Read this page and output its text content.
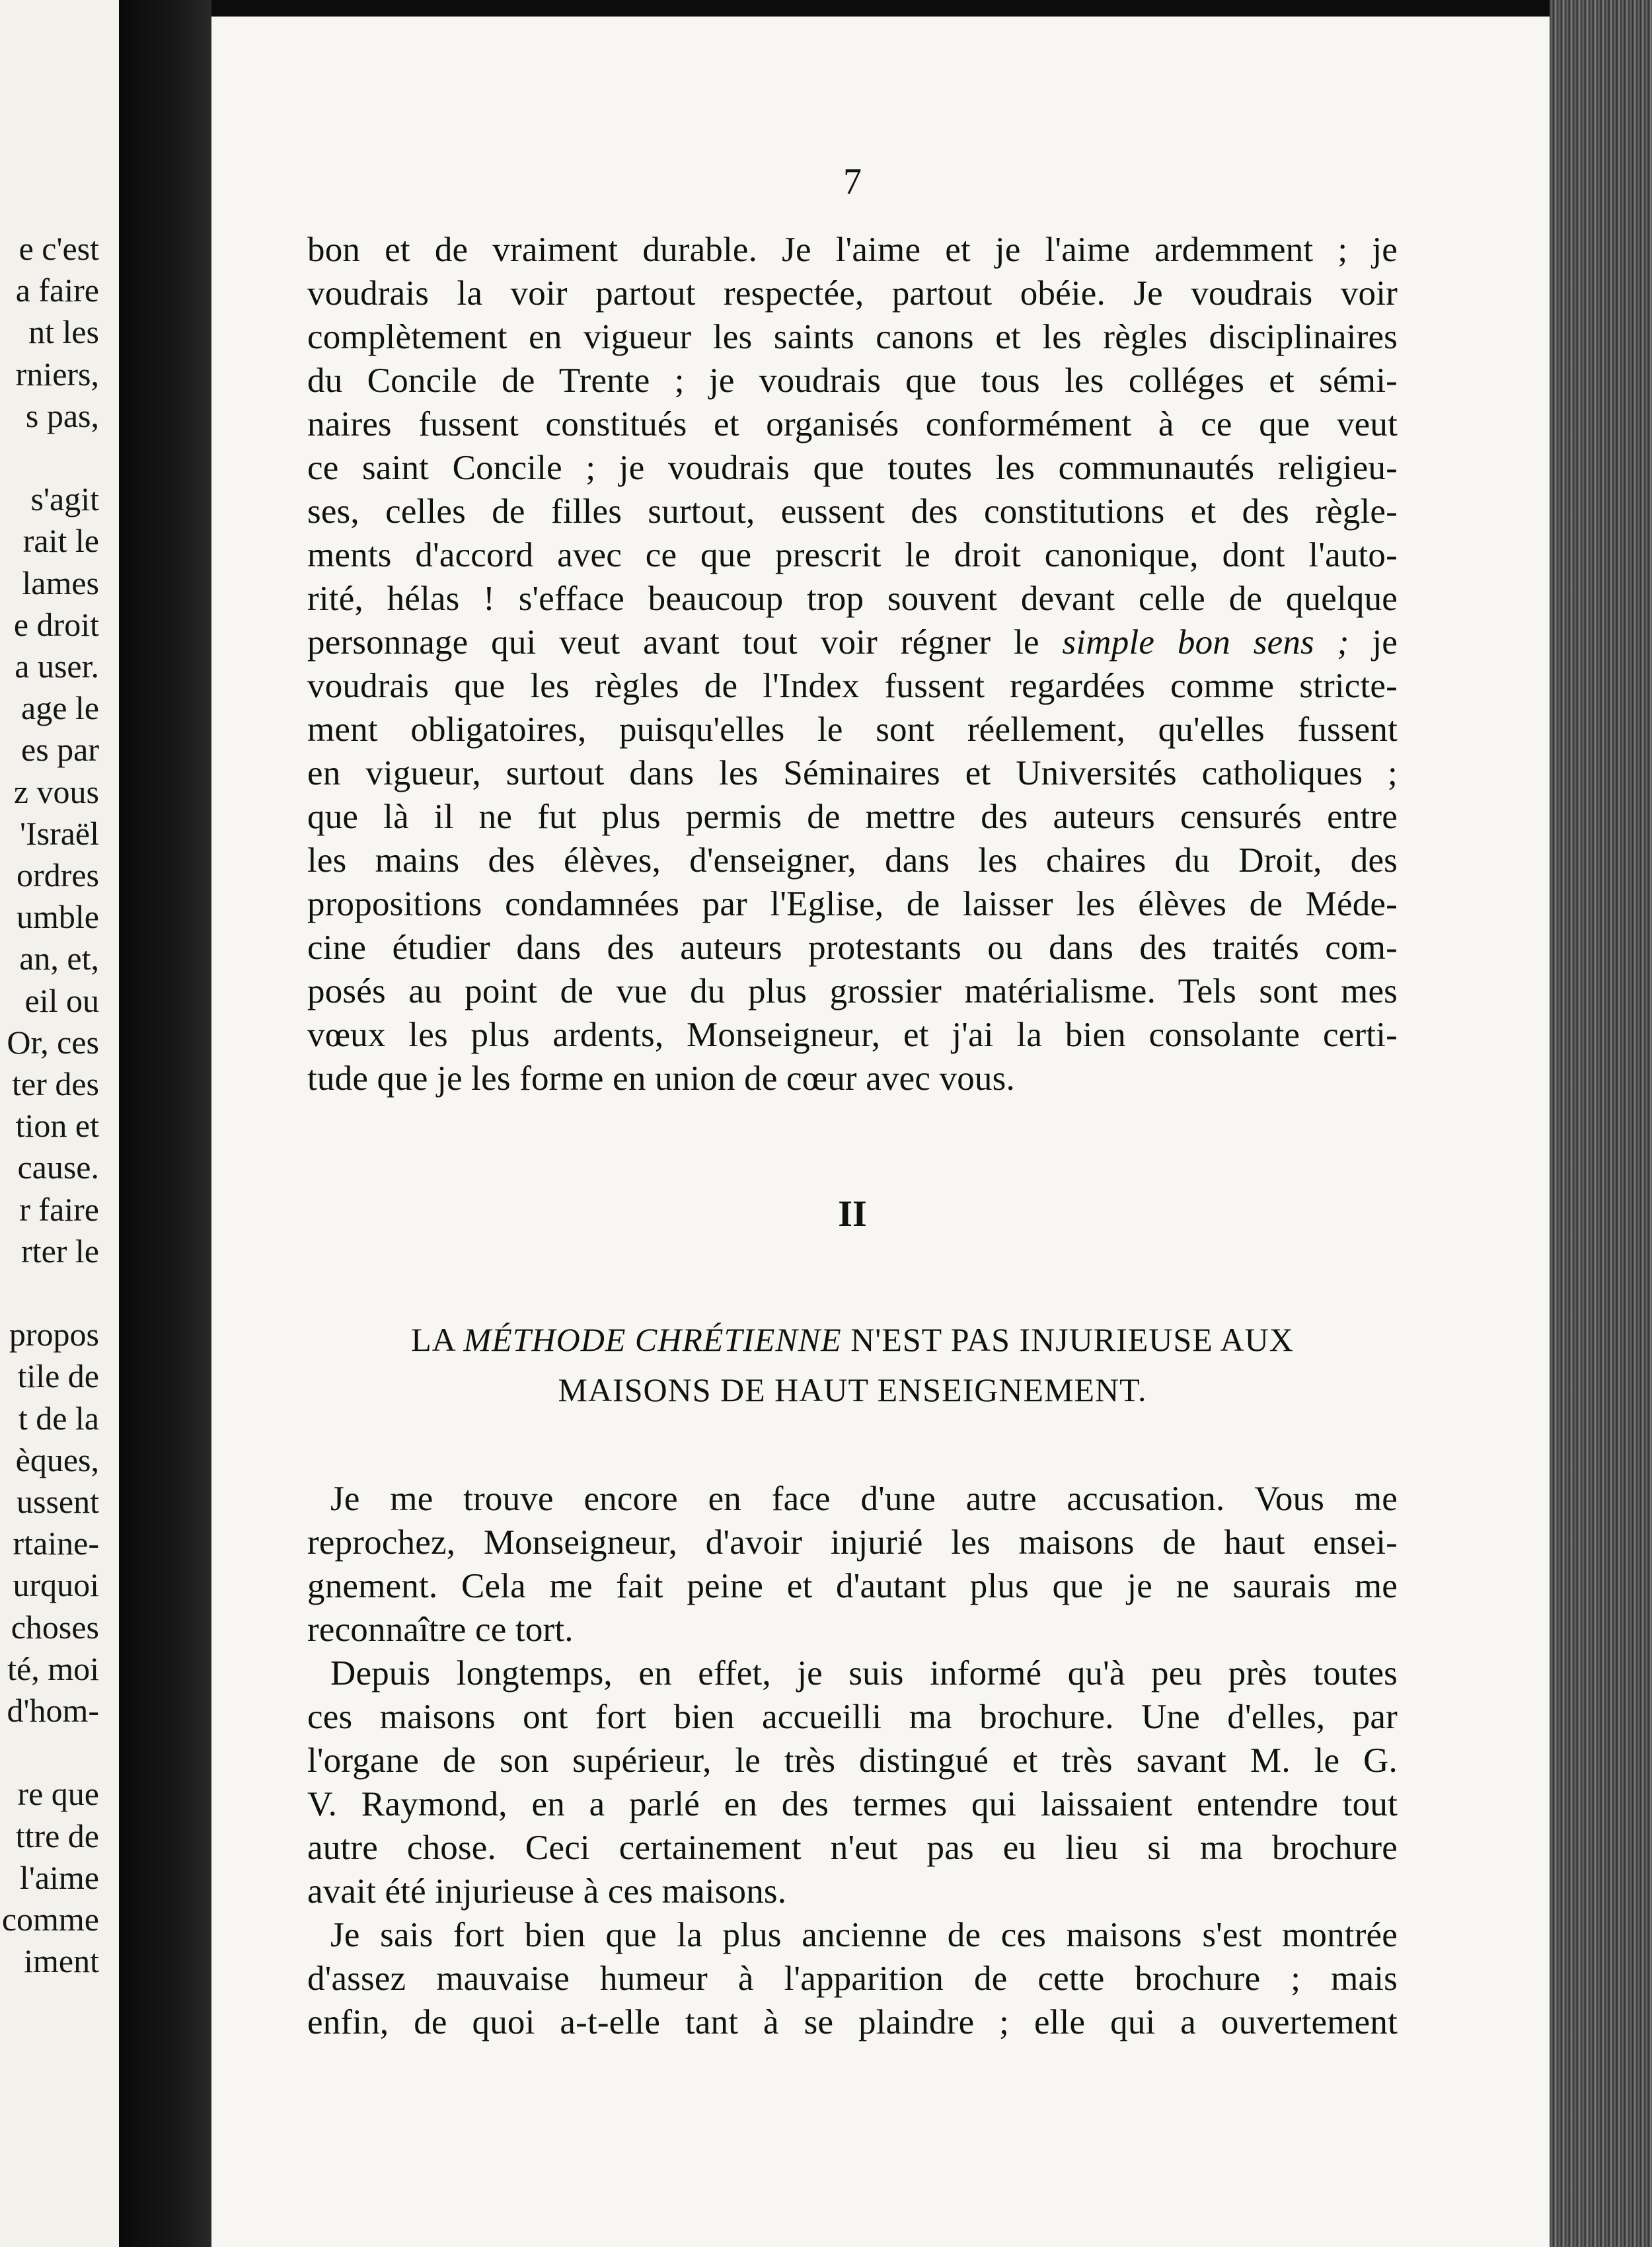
e c'est
a faire
nt les
rniers,
s pas,
s'agit
rait le
lames
e droit
a user.
age le
es par
z vous
'Israël
ordres
umble
an, et,
eil ou
Or, ces
ter des
tion et
cause.
r faire
rter le
propos
tile de
t de la
èques,
ussent
rtaine-
urquoi
choses
té, moi
d'hom-
re que
ttre de
l'aime
comme
iment
7
bon et de vraiment durable. Je l'aime et je l'aime ardemment ; je
voudrais la voir partout respectée, partout obéie. Je voudrais voir
complètement en vigueur les saints canons et les règles disciplinaires
du Concile de Trente ; je voudrais que tous les colléges et sémi-
naires fussent constitués et organisés conformément à ce que veut
ce saint Concile ; je voudrais que toutes les communautés religieu-
ses, celles de filles surtout, eussent des constitutions et des règle-
ments d'accord avec ce que prescrit le droit canonique, dont l'auto-
rité, hélas ! s'efface beaucoup trop souvent devant celle de quelque
personnage qui veut avant tout voir régner le simple bon sens ; je
voudrais que les règles de l'Index fussent regardées comme stricte-
ment obligatoires, puisqu'elles le sont réellement, qu'elles fussent
en vigueur, surtout dans les Séminaires et Universités catholiques ;
que là il ne fut plus permis de mettre des auteurs censurés entre
les mains des élèves, d'enseigner, dans les chaires du Droit, des
propositions condamnées par l'Eglise, de laisser les élèves de Méde-
cine étudier dans des auteurs protestants ou dans des traités com-
posés au point de vue du plus grossier matérialisme. Tels sont mes
vœux les plus ardents, Monseigneur, et j'ai la bien consolante certi-
tude que je les forme en union de cœur avec vous.
II
LA MÉTHODE CHRÉTIENNE N'EST PAS INJURIEUSE AUX
MAISONS DE HAUT ENSEIGNEMENT.
Je me trouve encore en face d'une autre accusation. Vous me
reprochez, Monseigneur, d'avoir injurié les maisons de haut ensei-
gnement. Cela me fait peine et d'autant plus que je ne saurais me
reconnaître ce tort.
Depuis longtemps, en effet, je suis informé qu'à peu près toutes
ces maisons ont fort bien accueilli ma brochure. Une d'elles, par
l'organe de son supérieur, le très distingué et très savant M. le G.
V. Raymond, en a parlé en des termes qui laissaient entendre tout
autre chose. Ceci certainement n'eut pas eu lieu si ma brochure
avait été injurieuse à ces maisons.
Je sais fort bien que la plus ancienne de ces maisons s'est montrée
d'assez mauvaise humeur à l'apparition de cette brochure ; mais
enfin, de quoi a-t-elle tant à se plaindre ; elle qui a ouvertement
